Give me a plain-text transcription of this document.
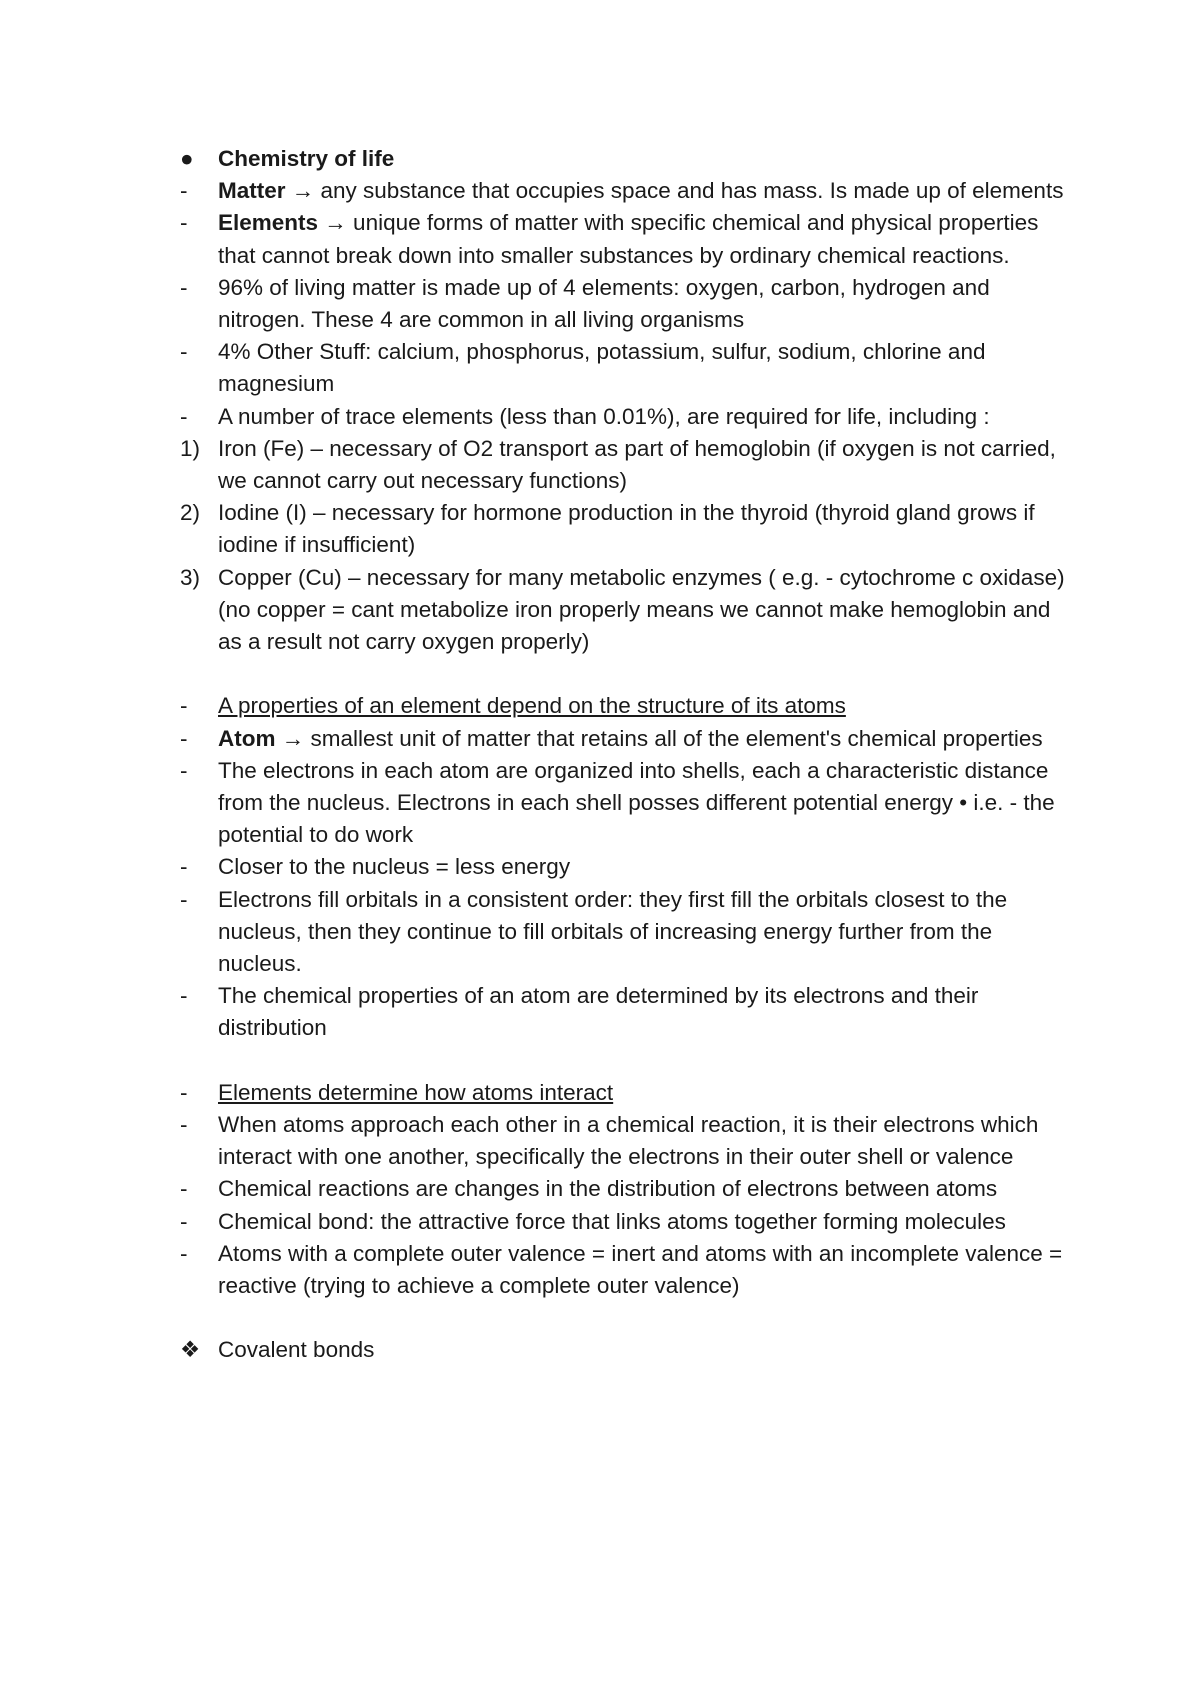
● Chemistry of life
- Matter → any substance that occupies space and has mass. Is made up of elements
- Elements → unique forms of matter with specific chemical and physical properties that cannot break down into smaller substances by ordinary chemical reactions.
- 96% of living matter is made up of 4 elements: oxygen, carbon, hydrogen and nitrogen. These 4 are common in all living organisms
- 4% Other Stuff: calcium, phosphorus, potassium, sulfur, sodium, chlorine and magnesium
- A number of trace elements (less than 0.01%), are required for life, including :
1) Iron (Fe) – necessary of O2 transport as part of hemoglobin (if oxygen is not carried, we cannot carry out necessary functions)
2) Iodine (I) – necessary for hormone production in the thyroid (thyroid gland grows if iodine if insufficient)
3) Copper (Cu) – necessary for many metabolic enzymes ( e.g. - cytochrome c oxidase) (no copper = cant metabolize iron properly means we cannot make hemoglobin and as a result not carry oxygen properly)
- A properties of an element depend on the structure of its atoms
- Atom → smallest unit of matter that retains all of the element's chemical properties
- The electrons in each atom are organized into shells, each a characteristic distance from the nucleus. Electrons in each shell posses different potential energy • i.e. - the potential to do work
- Closer to the nucleus = less energy
- Electrons fill orbitals in a consistent order: they first fill the orbitals closest to the nucleus, then they continue to fill orbitals of increasing energy further from the nucleus.
- The chemical properties of an atom are determined by its electrons and their distribution
- Elements determine how atoms interact
- When atoms approach each other in a chemical reaction, it is their electrons which interact with one another, specifically the electrons in their outer shell or valence
- Chemical reactions are changes in the distribution of electrons between atoms
- Chemical bond: the attractive force that links atoms together forming molecules
- Atoms with a complete outer valence = inert and atoms with an incomplete valence = reactive (trying to achieve a complete outer valence)
❖ Covalent bonds
